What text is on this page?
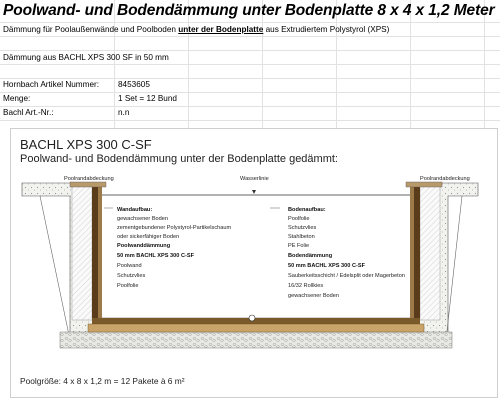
Poolwand- und Bodendämmung unter Bodenplatte 8 x 4 x 1,2 Meter
Dämmung für Poolaußenwände und Poolboden unter der Bodenplatte aus Extrudiertem Polystyrol (XPS)
Dämmung aus BACHL XPS 300 SF in 50 mm
Hornbach Artikel Nummer: 8453605
Menge:	1 Set = 12 Bund
Bachl Art.-Nr.:	n.n
BACHL XPS 300 C-SF
Poolwand- und Bodendämmung unter der Bodenplatte gedämmt:
Poolrandabdeckung	Poolrandabdeckung
Wasserlinie
Wandaufbau:
gewachsener Boden
zementgebundener Polystyrol-Partikelschaum
oder sickerfähiger Boden
Poolwanddämmung
50 mm BACHL XPS 300 C-SF
Poolwand
Schutzvlies
Poolfolie
Bodenaufbau:
Poolfolie
Schutzvlies
Stahlbeton
PE Folie
Bodendämmung
50 mm BACHL XPS 300 C-SF
Sauberkeitsschicht / Edelsplit oder Magerbeton
16/32 Rollkies
gewachsener Boden
Poolgröße: 4 x 8 x 1,2 m = 12 Pakete à 6 m²
